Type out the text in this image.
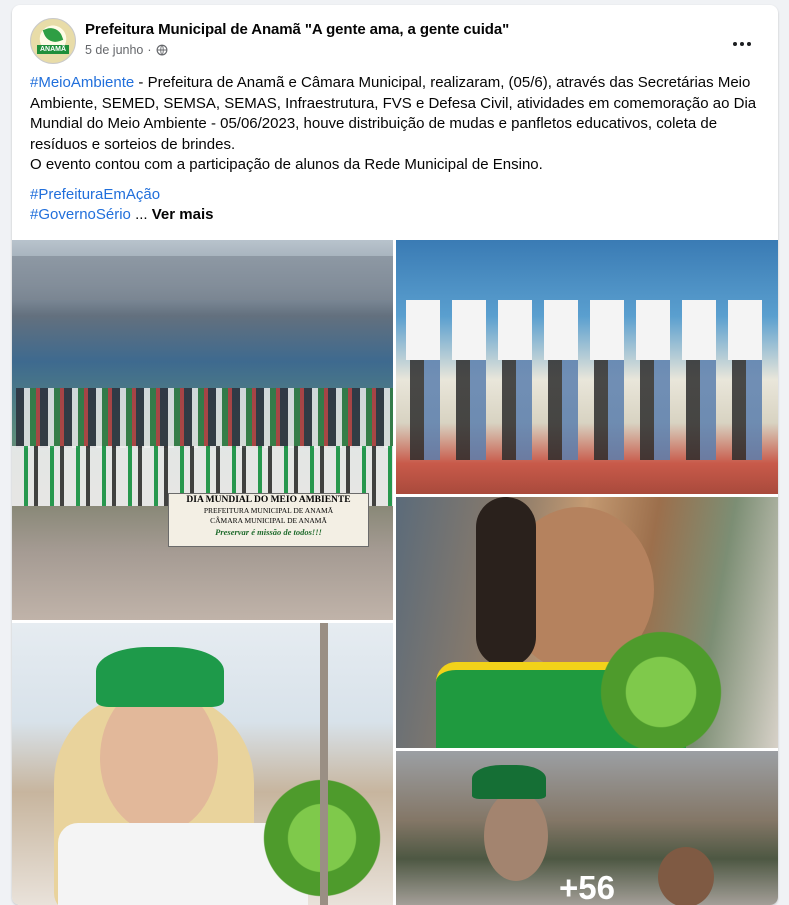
ANAMÃ
Prefeitura Municipal de Anamã "A gente ama, a gente cuida"
5 de junho ·

#MeioAmbiente - Prefeitura de Anamã e Câmara Municipal, realizaram, (05/6), através das Secretárias Meio Ambiente, SEMED, SEMSA, SEMAS, Infraestrutura, FVS e Defesa Civil, atividades em comemoração ao Dia Mundial do Meio Ambiente - 05/06/2023, houve distribuição de mudas e panfletos educativos, coleta de resíduos e sorteios de brindes.

O evento contou com a participação de alunos da Rede Municipal de Ensino.

#PrefeituraEmAção

#GovernoSério ... Ver mais

DIA MUNDIAL DO MEIO AMBIENTE
PREFEITURA MUNICIPAL DE ANAMÃ
CÂMARA MUNICIPAL DE ANAMÃ
Preservar é missão de todos!!!
+56
